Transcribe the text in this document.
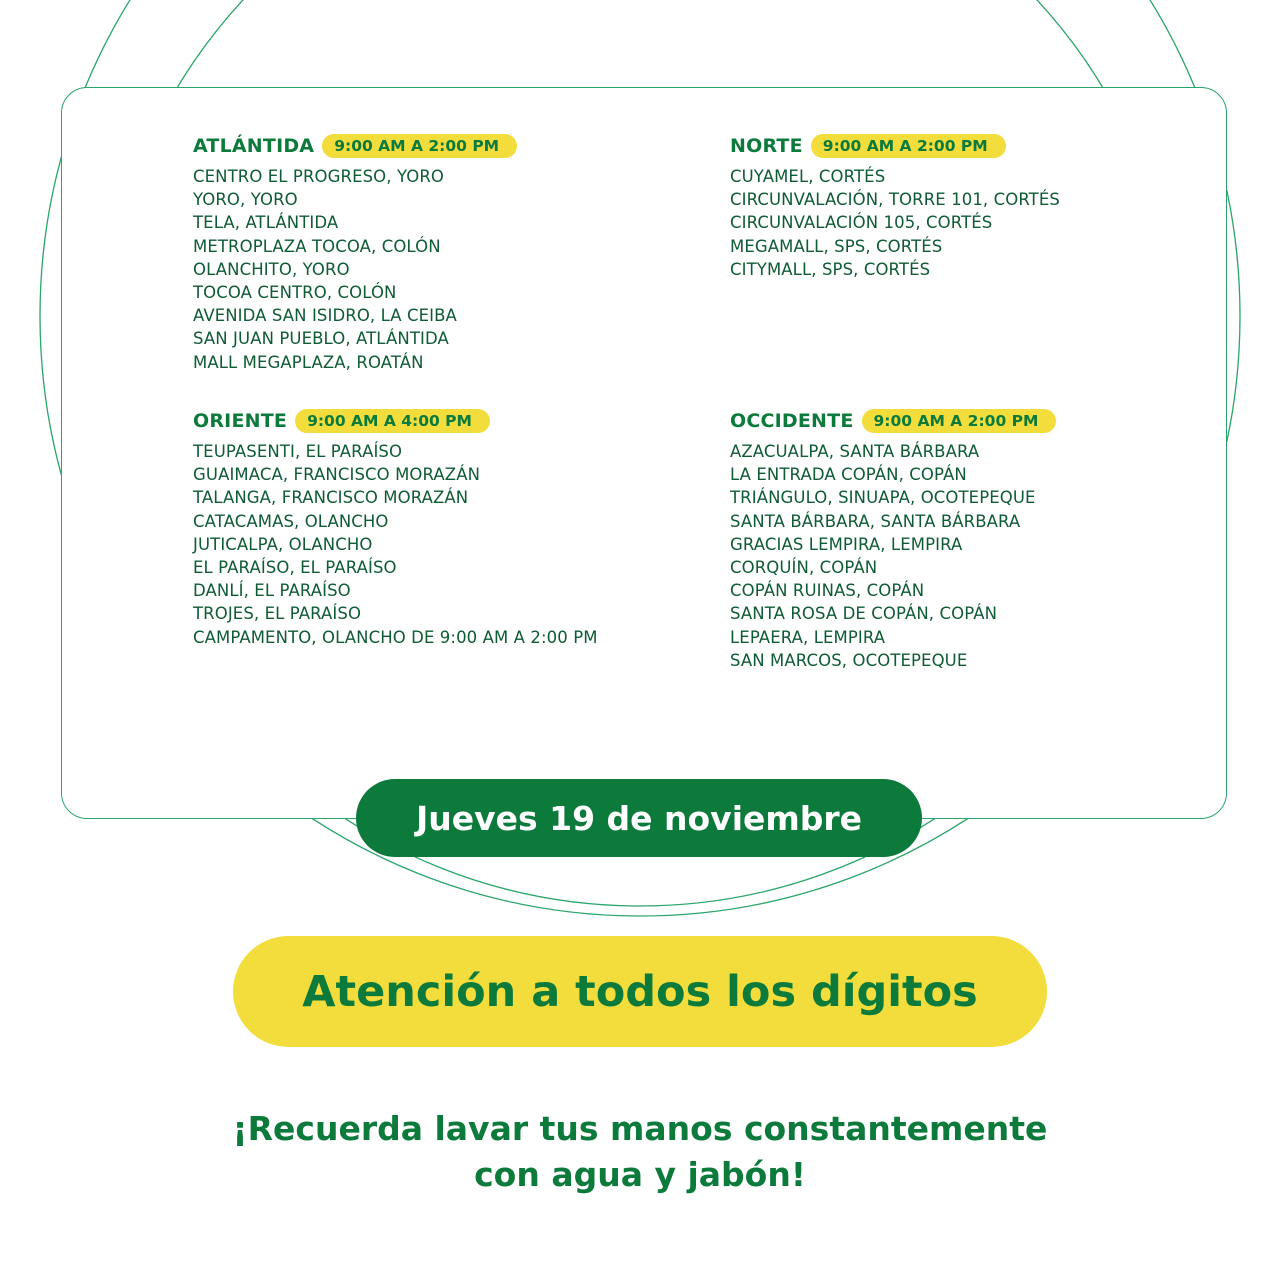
ATLÁNTIDA	9:00 AM A 2:00 PM
CENTRO EL PROGRESO, YORO
YORO, YORO
TELA, ATLÁNTIDA
METROPLAZA TOCOA, COLÓN
OLANCHITO, YORO
TOCOA CENTRO, COLÓN
AVENIDA SAN ISIDRO, LA CEIBA
SAN JUAN PUEBLO, ATLÁNTIDA
MALL MEGAPLAZA, ROATÁN
NORTE	9:00 AM A 2:00 PM
CUYAMEL, CORTÉS
CIRCUNVALACIÓN, TORRE 101, CORTÉS
CIRCUNVALACIÓN 105, CORTÉS
MEGAMALL, SPS, CORTÉS
CITYMALL, SPS, CORTÉS
ORIENTE	9:00 AM A 4:00 PM
TEUPASENTI, EL PARAÍSO
GUAIMACA, FRANCISCO MORAZÁN
TALANGA, FRANCISCO MORAZÁN
CATACAMAS, OLANCHO
JUTICALPA, OLANCHO
EL PARAÍSO, EL PARAÍSO
DANLÍ, EL PARAÍSO
TROJES, EL PARAÍSO
CAMPAMENTO, OLANCHO DE 9:00 AM A 2:00 PM
OCCIDENTE	9:00 AM A 2:00 PM
AZACUALPA, SANTA BÁRBARA
LA ENTRADA COPÁN, COPÁN
TRIÁNGULO, SINUAPA, OCOTEPEQUE
SANTA BÁRBARA, SANTA BÁRBARA
GRACIAS LEMPIRA, LEMPIRA
CORQUÍN, COPÁN
COPÁN RUINAS, COPÁN
SANTA ROSA DE COPÁN, COPÁN
LEPAERA, LEMPIRA
SAN MARCOS, OCOTEPEQUE
Jueves 19 de noviembre
Atención a todos los dígitos
¡Recuerda lavar tus manos constantemente
con agua y jabón!
